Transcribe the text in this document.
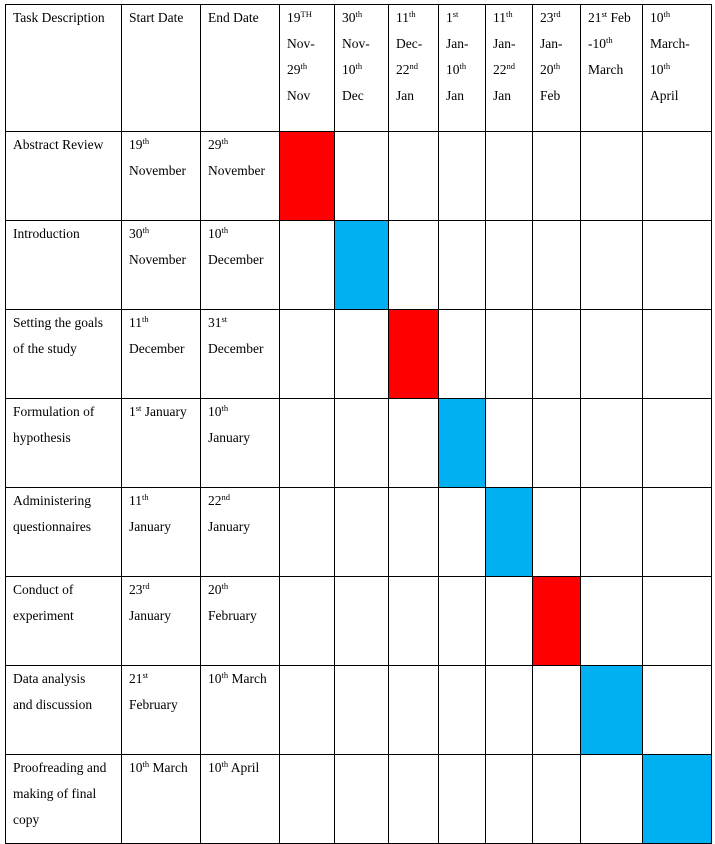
Task Description	Start Date	End Date	19TH
Nov-
29th
Nov	30th
Nov-
10th
Dec	11th
Dec-
22nd
Jan	1st
Jan-
10th
Jan	11th
Jan-
22nd
Jan	23rd
Jan-
20th
Feb	21st Feb
-10th
March	10th
March-
10th
April

Abstract Review	19th
November	29th
November								

Introduction	30th
November	10th
December								

Setting the goals
of the study	11th
December	31st
December								

Formulation of
hypothesis	1st January	10th
January								

Administering
questionnaires	11th
January	22nd
January								

Conduct of
experiment	23rd
January	20th
February								

Data analysis
and discussion	21st
February	10th March								

Proofreading and
making of final
copy	10th March	10th April								
